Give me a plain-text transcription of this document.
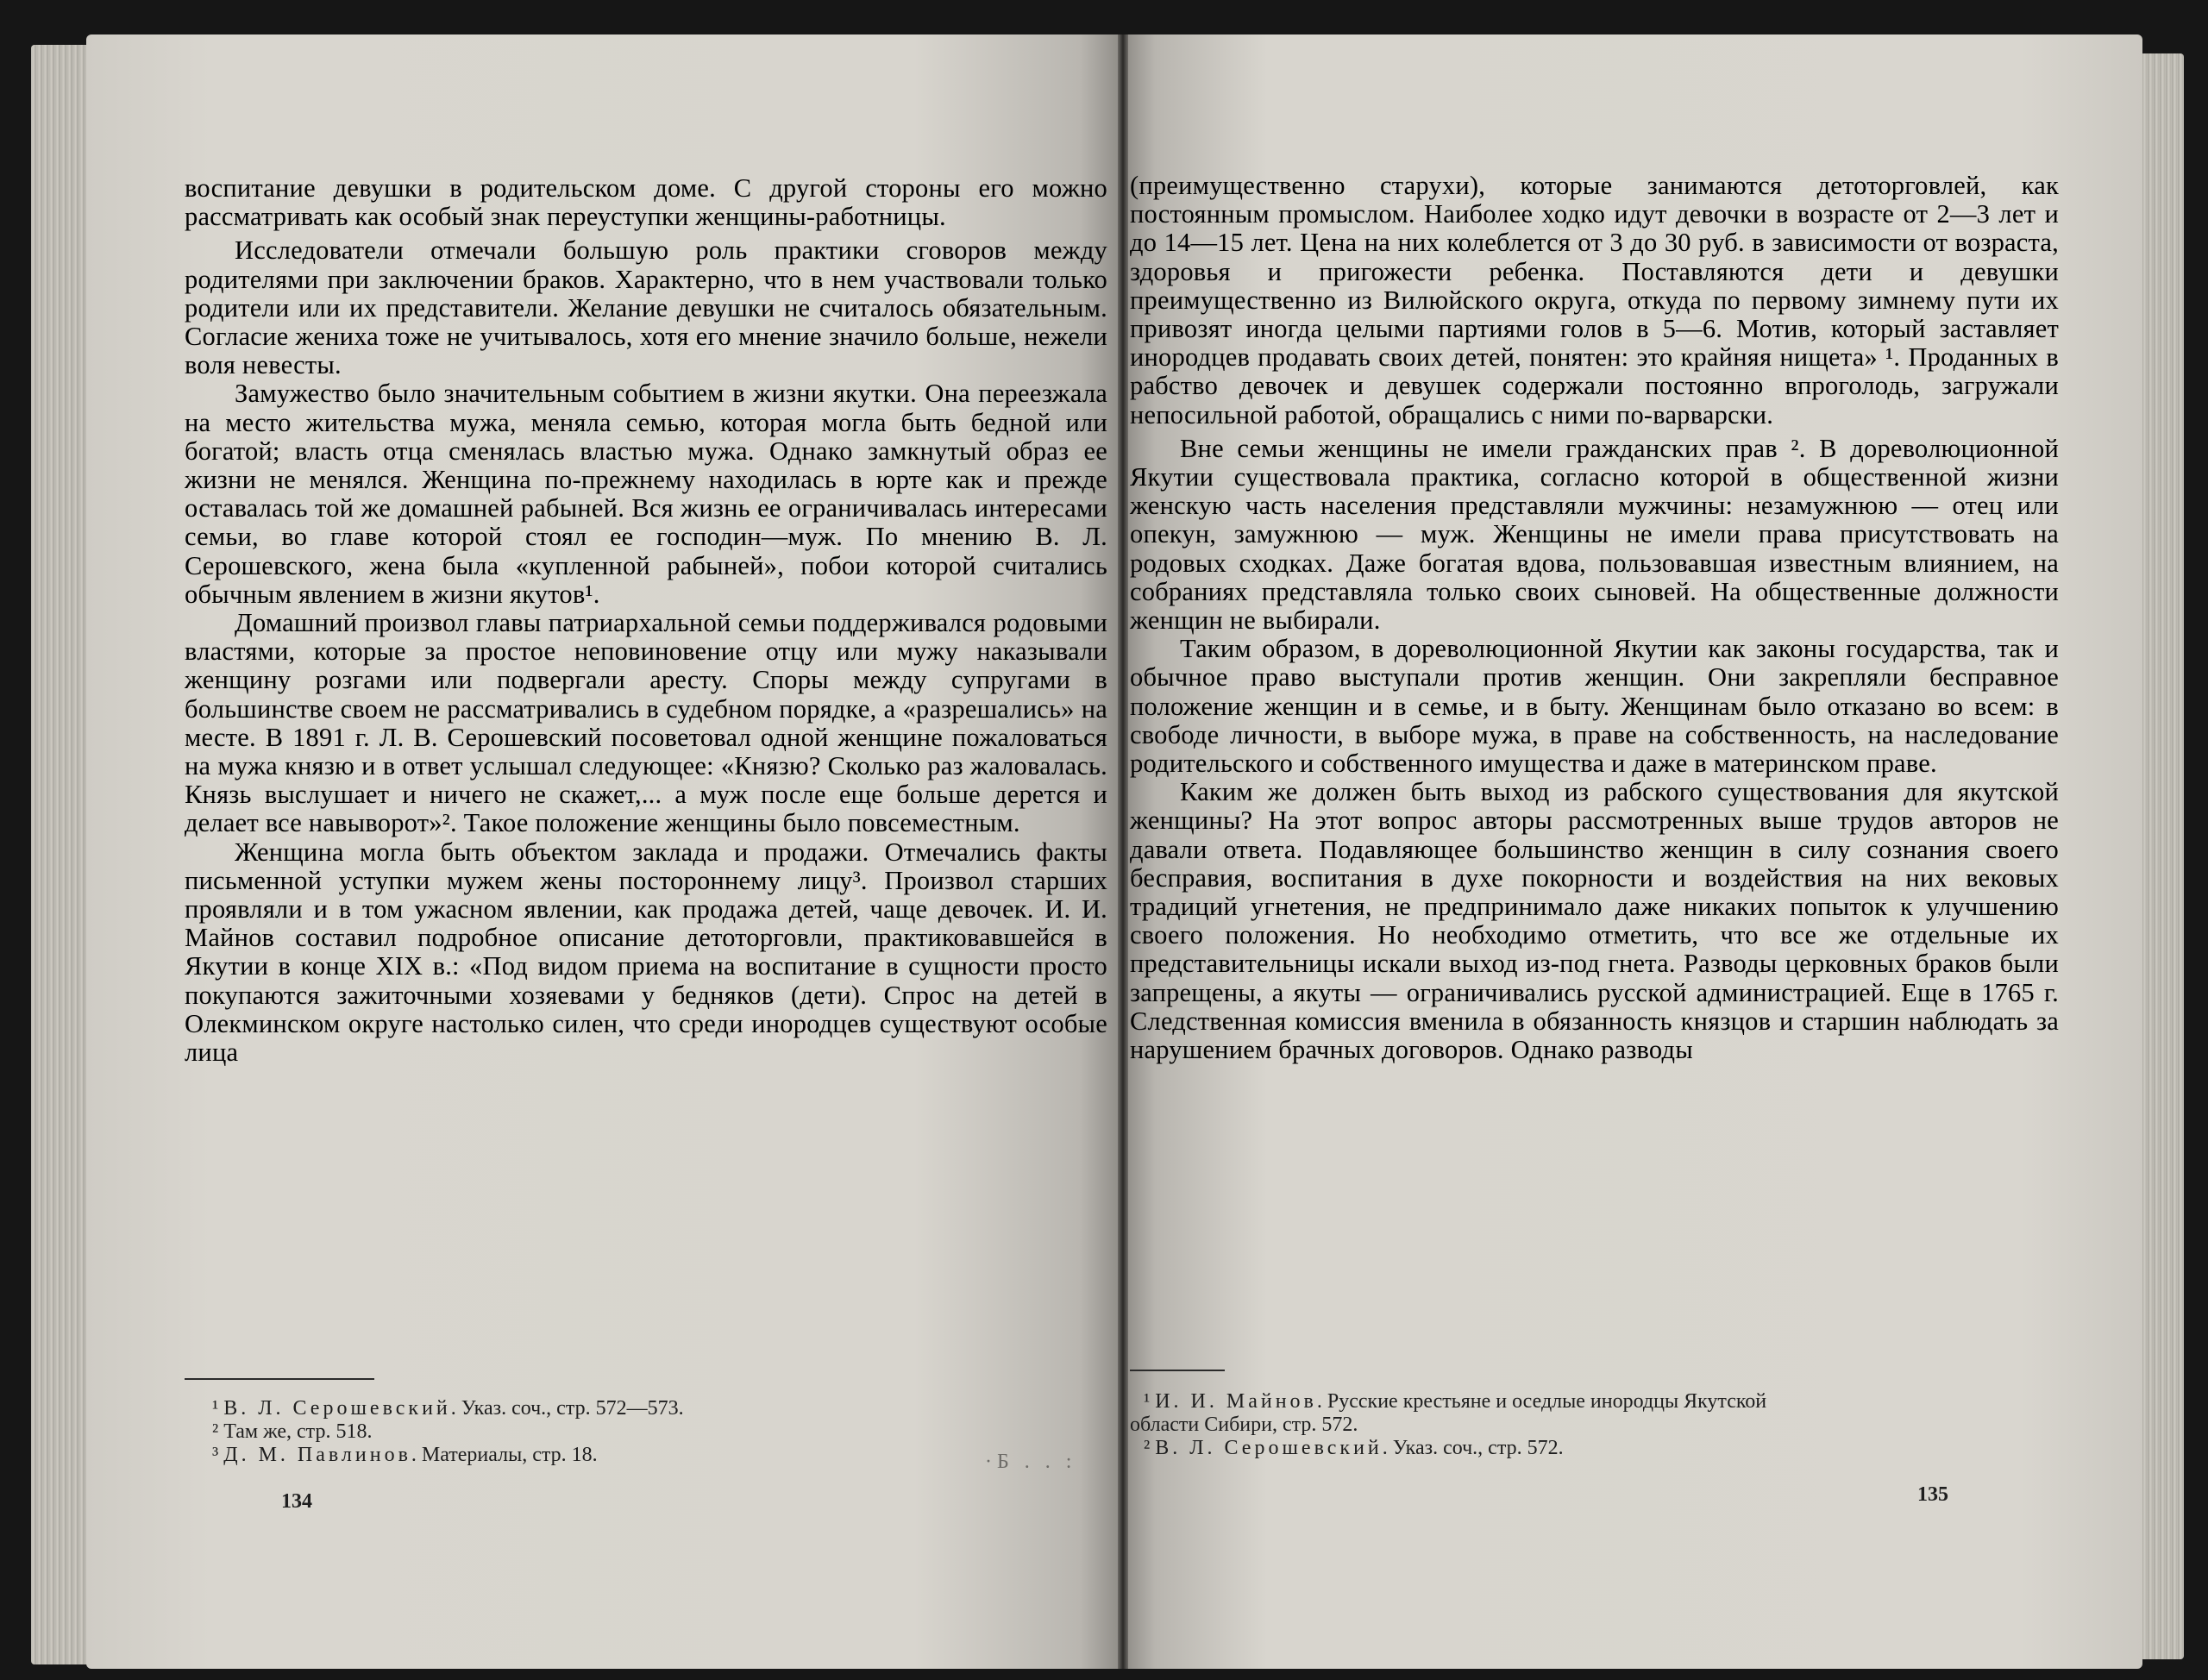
воспитание девушки в родительском доме. С другой стороны его можно рассматривать как особый знак переуступки женщины-работницы.

Исследователи отмечали большую роль практики сговоров между родителями при заключении браков. Характерно, что в нем участвовали только родители или их представители. Желание девушки не считалось обязательным. Согласие жениха тоже не учитывалось, хотя его мнение значило больше, нежели воля невесты.

Замужество было значительным событием в жизни якутки. Она переезжала на место жительства мужа, меняла семью, которая могла быть бедной или богатой; власть отца сменялась властью мужа. Однако замкнутый образ ее жизни не менялся. Женщина по-прежнему находилась в юрте как и прежде оставалась той же домашней рабыней. Вся жизнь ее ограничивалась интересами семьи, во главе которой стоял ее господин—муж. По мнению В. Л. Серошевского, жена была «купленной рабыней», побои которой считались обычным явлением в жизни якутов¹.

Домашний произвол главы патриархальной семьи поддерживался родовыми властями, которые за простое неповиновение отцу или мужу наказывали женщину розгами или подвергали аресту. Споры между супругами в большинстве своем не рассматривались в судебном порядке, а «разрешались» на месте. В 1891 г. Л. В. Серошевский посоветовал одной женщине пожаловаться на мужа князю и в ответ услышал следующее: «Князю? Сколько раз жаловалась. Князь выслушает и ничего не скажет,... а муж после еще больше дерется и делает все навыворот»². Такое положение женщины было повсеместным.

Женщина могла быть объектом заклада и продажи. Отмечались факты письменной уступки мужем жены постороннему лицу³. Произвол старших проявляли и в том ужасном явлении, как продажа детей, чаще девочек. И. И. Майнов составил подробное описание детоторговли, практиковавшейся в Якутии в конце XIX в.: «Под видом приема на воспитание в сущности просто покупаются зажиточными хозяевами у бедняков (дети). Спрос на детей в Олекминском округе настолько силен, что среди инородцев существуют особые лица

¹ В. Л. Серошевский. Указ. соч., стр. 572—573.

² Там же, стр. 518.

³ Д. М. Павлинов. Материалы, стр. 18.	·Б . . :
134

(преимущественно старухи), которые занимаются детоторговлей, как постоянным промыслом. Наиболее ходко идут девочки в возрасте от 2—3 лет и до 14—15 лет. Цена на них колеблется от 3 до 30 руб. в зависимости от возраста, здоровья и пригожести ребенка. Поставляются дети и девушки преимущественно из Вилюйского округа, откуда по первому зимнему пути их привозят иногда целыми партиями голов в 5—6. Мотив, который заставляет инородцев продавать своих детей, понятен: это крайняя нищета» ¹. Проданных в рабство девочек и девушек содержали постоянно впроголодь, загружали непосильной работой, обращались с ними по-варварски.

Вне семьи женщины не имели гражданских прав ². В дореволюционной Якутии существовала практика, согласно которой в общественной жизни женскую часть населения представляли мужчины: незамужнюю — отец или опекун, замужнюю — муж. Женщины не имели права присутствовать на родовых сходках. Даже богатая вдова, пользовавшая известным влиянием, на собраниях представляла только своих сыновей. На общественные должности женщин не выбирали.

Таким образом, в дореволюционной Якутии как законы государства, так и обычное право выступали против женщин. Они закрепляли бесправное положение женщин и в семье, и в быту. Женщинам было отказано во всем: в свободе личности, в выборе мужа, в праве на собственность, на наследование родительского и собственного имущества и даже в материнском праве.

Каким же должен быть выход из рабского существования для якутской женщины? На этот вопрос авторы рассмотренных выше трудов авторов не давали ответа. Подавляющее большинство женщин в силу сознания своего бесправия, воспитания в духе покорности и воздействия на них вековых традиций угнетения, не предпринимало даже никаких попыток к улучшению своего положения. Но необходимо отметить, что все же отдельные их представительницы искали выход из-под гнета. Разводы церковных браков были запрещены, а якуты — ограничивались русской администрацией. Еще в 1765 г. Следственная комиссия вменила в обязанность князцов и старшин наблюдать за нарушением брачных договоров. Однако разводы

¹ И. И. Майнов. Русские крестьяне и оседлые инородцы Якутской

области Сибири, стр. 572.

² В. Л. Серошевский. Указ. соч., стр. 572.

135
